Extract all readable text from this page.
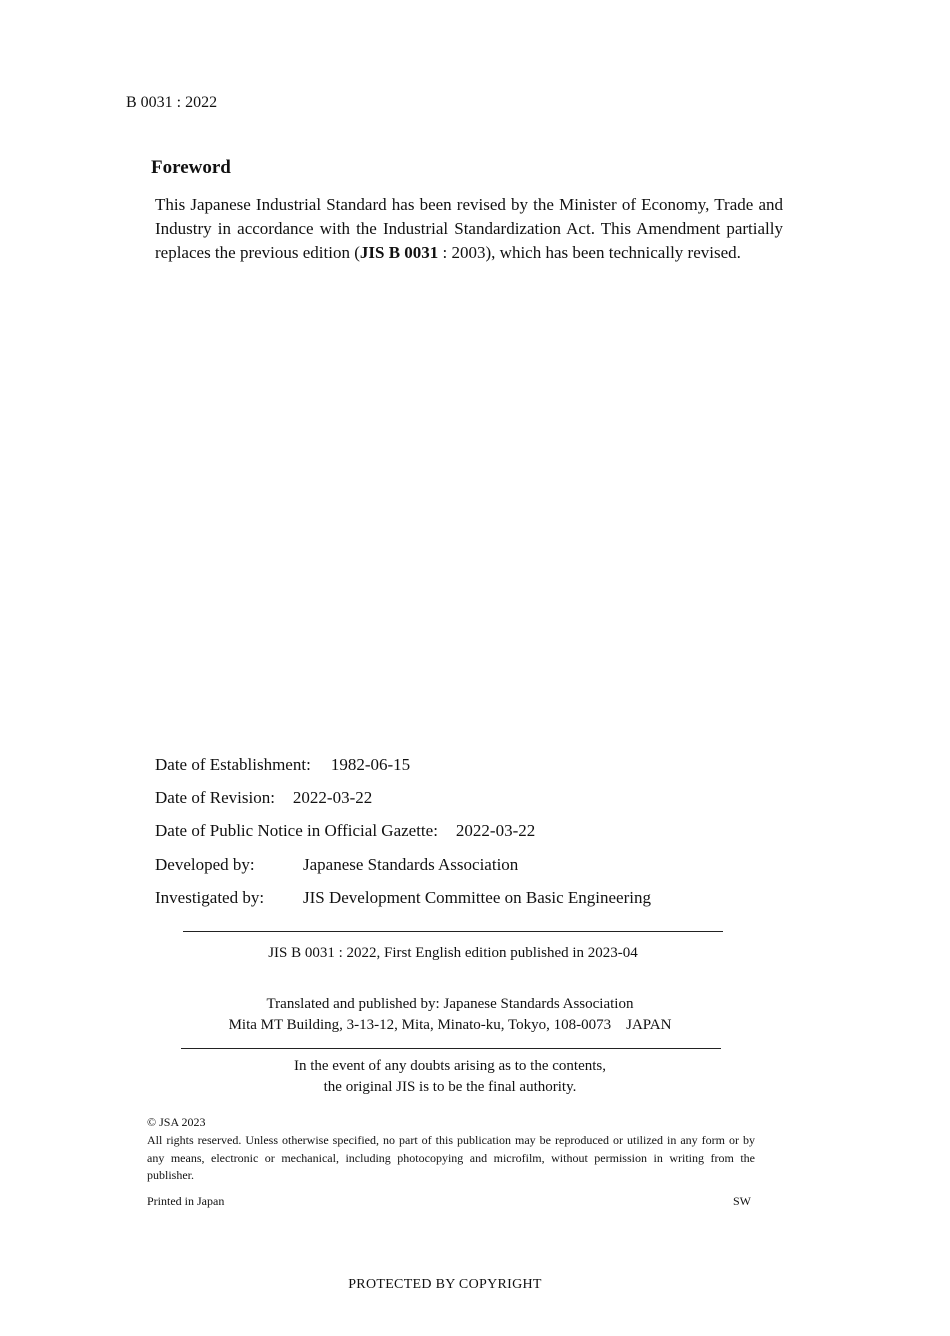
B 0031 : 2022
Foreword
This Japanese Industrial Standard has been revised by the Minister of Economy, Trade and Industry in accordance with the Industrial Standardization Act. This Amendment partially replaces the previous edition (JIS B 0031 : 2003), which has been technically revised.
Date of Establishment: 1982-06-15
Date of Revision: 2022-03-22
Date of Public Notice in Official Gazette: 2022-03-22
Developed by:	Japanese Standards Association
Investigated by: JIS Development Committee on Basic Engineering
JIS B 0031 : 2022, First English edition published in 2023-04
Translated and published by: Japanese Standards Association
Mita MT Building, 3-13-12, Mita, Minato-ku, Tokyo, 108-0073 JAPAN
In the event of any doubts arising as to the contents,
the original JIS is to be the final authority.
© JSA 2023
All rights reserved. Unless otherwise specified, no part of this publication may be reproduced or utilized in any form or by any means, electronic or mechanical, including photocopying and microfilm, without permission in writing from the publisher.
Printed in Japan	SW
PROTECTED BY COPYRIGHT
